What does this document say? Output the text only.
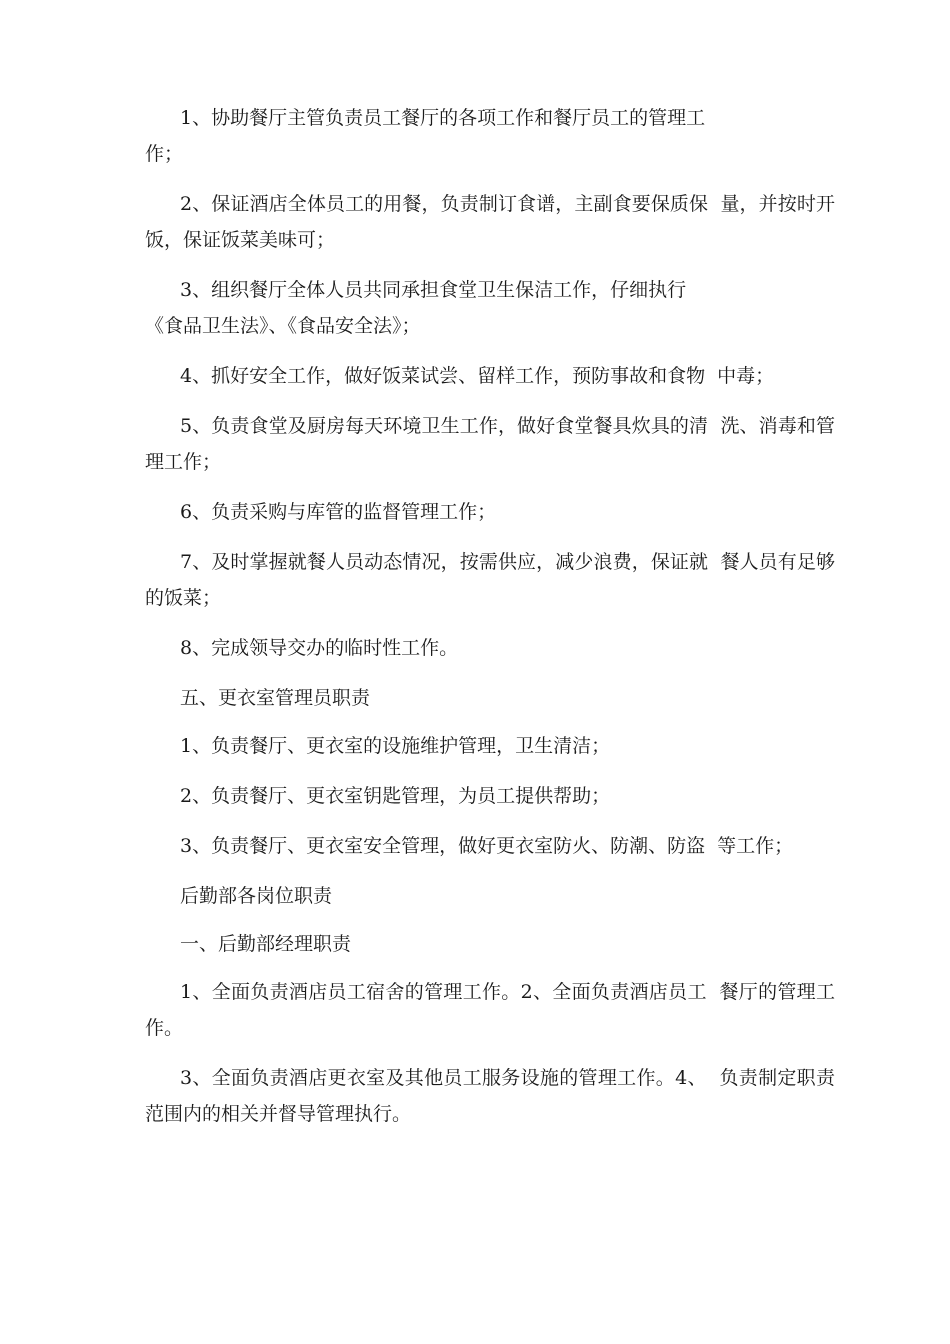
1、协助餐厅主管负责员工餐厅的各项工作和餐厅员工的管理工
作；

2、保证酒店全体员工的用餐，负责制订食谱，主副食要保质保  量，并按时开饭，保证饭菜美味可；

3、组织餐厅全体人员共同承担食堂卫生保洁工作，仔细执行
《食品卫生法》、《食品安全法》；

4、抓好安全工作，做好饭菜试尝、留样工作，预防事故和食物  中毒；

5、负责食堂及厨房每天环境卫生工作，做好食堂餐具炊具的清  洗、消毒和管理工作；

6、负责采购与库管的监督管理工作；

7、及时掌握就餐人员动态情况，按需供应，减少浪费，保证就  餐人员有足够的饭菜；

8、完成领导交办的临时性工作。

五、更衣室管理员职责

1、负责餐厅、更衣室的设施维护管理，卫生清洁；

2、负责餐厅、更衣室钥匙管理，为员工提供帮助；

3、负责餐厅、更衣室安全管理，做好更衣室防火、防潮、防盗  等工作；

后勤部各岗位职责

一、后勤部经理职责

1、全面负责酒店员工宿舍的管理工作。2、全面负责酒店员工  餐厅的管理工作。

3、全面负责酒店更衣室及其他员工服务设施的管理工作。4、  负责制定职责范围内的相关并督导管理执行。
